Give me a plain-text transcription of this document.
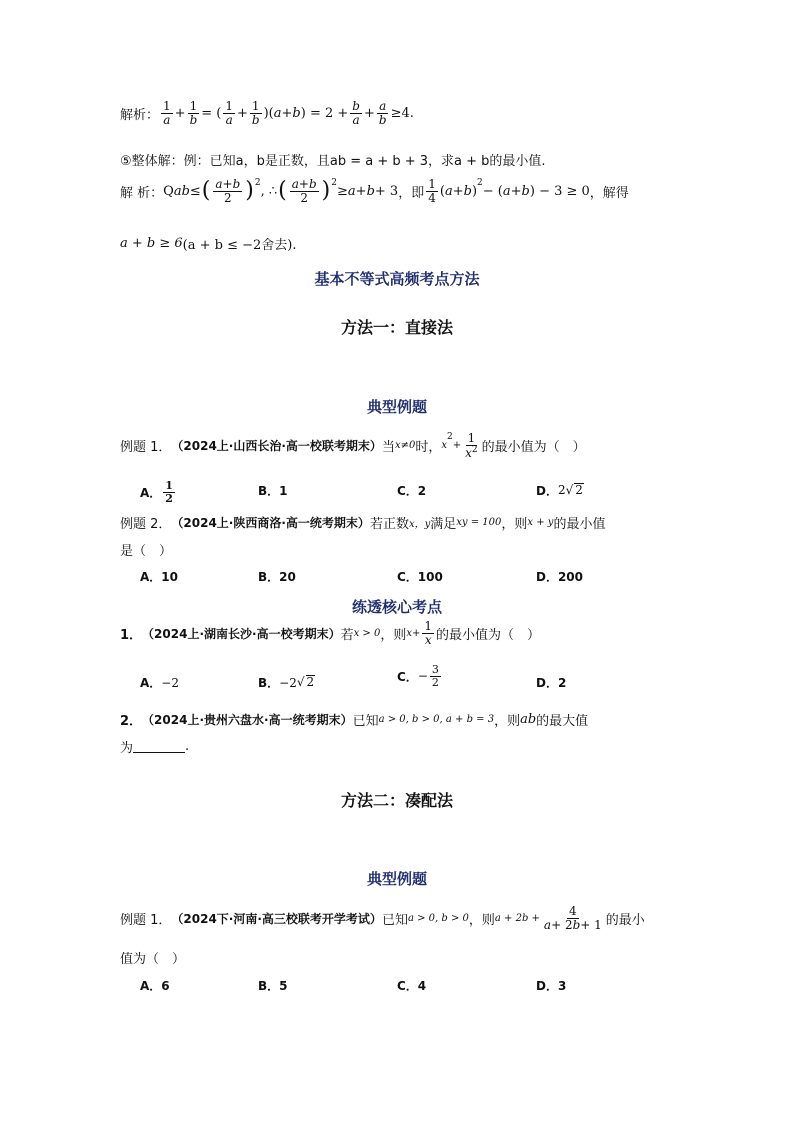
解析： $\frac{1}{a} + \frac{1}{b}$ = ( $\frac{1}{a} + \frac{1}{b}$ )( a + b ) = $2 + \frac{b}{a} + \frac{a}{b} \ge 4$.
⑤整体解：例：已知a，b是正数，且ab = a + b + 3，求a + b的最小值.
解 析： Q ab ≤ ( $\frac{a+b}{2} )^2$
, ∴ ( $\frac{a+b}{2} )^2$
≥ a + b + 3 ，即 $\frac{1}{4}$ ( a + b )
$^2$
− ( a + b ) − 3 ≥ 0 ，解得
a + b ≥ 6 (a + b ≤ −2舍去).
基本不等式高频考点方法
方法一：直接法
典型例题
例题 1． （2024上·山西长治·高一校联考期末） 当 x≠0 时， x
$^2$
+ $\frac{1}{x^2}$ 的最小值为（　）
A． $\frac{1}{2}$	B．1	C．2	D． 2√ 2
例题 2． （2024上·陕西商洛·高一统考期末） 若正数 x，y 满足 xy = 100 ，则 x + y 的最小值
是（　）
A．10	B．20	C．100	D．200
练透核心考点
1． （2024上·湖南长沙·高一校考期末） 若 x > 0 ，则 $x + \frac{1}{x}$ 的最小值为（　）
A． −2	B． −2 √ 2	C． − $\frac{3}{2}$	D．2
2． （2024上·贵州六盘水·高一统考期末） 已知 a > 0, b > 0, a + b = 3 ，则 ab 的最大值
为	.
方法二：凑配法
典型例题
例题 1． （2024下·河南·高三校联考开学考试） 已知 a > 0, b > 0 ，则 $a + 2b + \frac{4}{a+ 2b+ 1}$ 的最小
值为（　）
A．6	B．5	C．4	D．3
